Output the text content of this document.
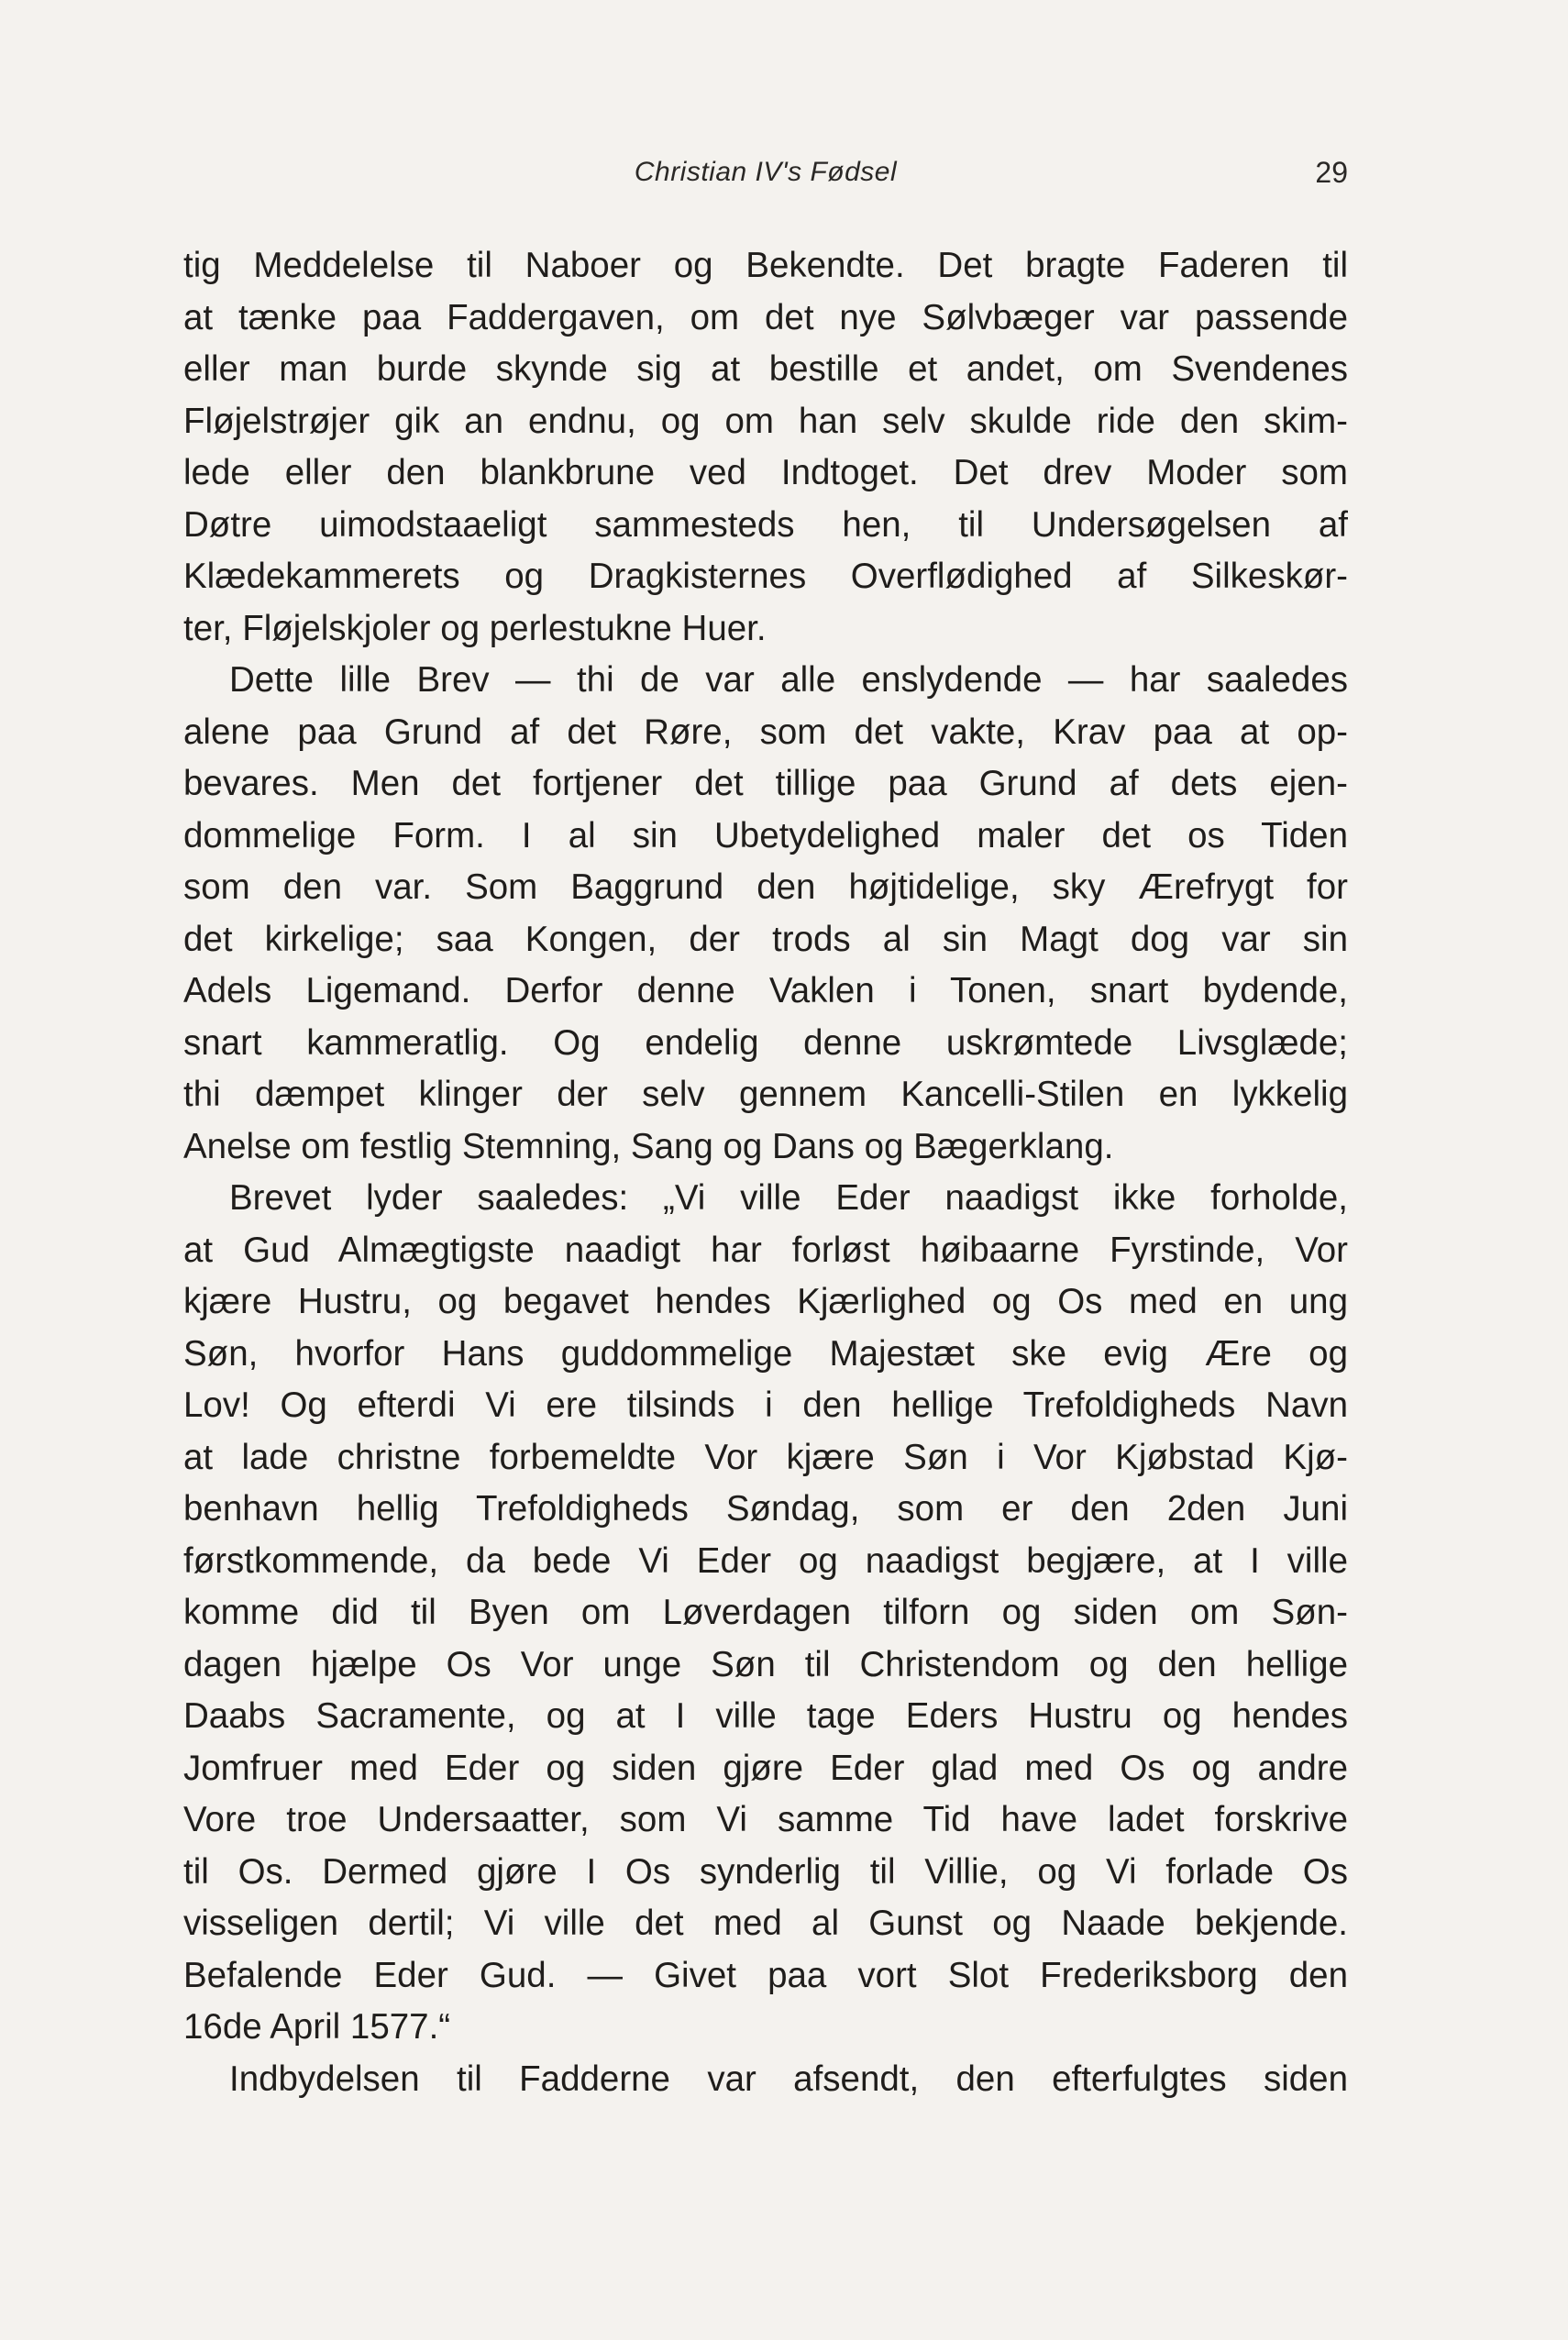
Christian IV's Fødsel	29
tig Meddelelse til Naboer og Bekendte. Det bragte Faderen til
at tænke paa Faddergaven, om det nye Sølvbæger var passende
eller man burde skynde sig at bestille et andet, om Svendenes
Fløjelstrøjer gik an endnu, og om han selv skulde ride den skim-
lede eller den blankbrune ved Indtoget. Det drev Moder som
Døtre uimodstaaeligt sammesteds hen, til Undersøgelsen af
Klædekammerets og Dragkisternes Overflødighed af Silkeskør-
ter, Fløjelskjoler og perlestukne Huer.
Dette lille Brev — thi de var alle enslydende — har saaledes
alene paa Grund af det Røre, som det vakte, Krav paa at op-
bevares. Men det fortjener det tillige paa Grund af dets ejen-
dommelige Form. I al sin Ubetydelighed maler det os Tiden
som den var. Som Baggrund den højtidelige, sky Ærefrygt for
det kirkelige; saa Kongen, der trods al sin Magt dog var sin
Adels Ligemand. Derfor denne Vaklen i Tonen, snart bydende,
snart kammeratlig. Og endelig denne uskrømtede Livsglæde;
thi dæmpet klinger der selv gennem Kancelli-Stilen en lykkelig
Anelse om festlig Stemning, Sang og Dans og Bægerklang.
Brevet lyder saaledes: „Vi ville Eder naadigst ikke forholde,
at Gud Almægtigste naadigt har forløst høibaarne Fyrstinde, Vor
kjære Hustru, og begavet hendes Kjærlighed og Os med en ung
Søn, hvorfor Hans guddommelige Majestæt ske evig Ære og
Lov! Og efterdi Vi ere tilsinds i den hellige Trefoldigheds Navn
at lade christne forbemeldte Vor kjære Søn i Vor Kjøbstad Kjø-
benhavn hellig Trefoldigheds Søndag, som er den 2den Juni
førstkommende, da bede Vi Eder og naadigst begjære, at I ville
komme did til Byen om Løverdagen tilforn og siden om Søn-
dagen hjælpe Os Vor unge Søn til Christendom og den hellige
Daabs Sacramente, og at I ville tage Eders Hustru og hendes
Jomfruer med Eder og siden gjøre Eder glad med Os og andre
Vore troe Undersaatter, som Vi samme Tid have ladet forskrive
til Os. Dermed gjøre I Os synderlig til Villie, og Vi forlade Os
visseligen dertil; Vi ville det med al Gunst og Naade bekjende.
Befalende Eder Gud. — Givet paa vort Slot Frederiksborg den
16de April 1577.“
Indbydelsen til Fadderne var afsendt, den efterfulgtes siden
